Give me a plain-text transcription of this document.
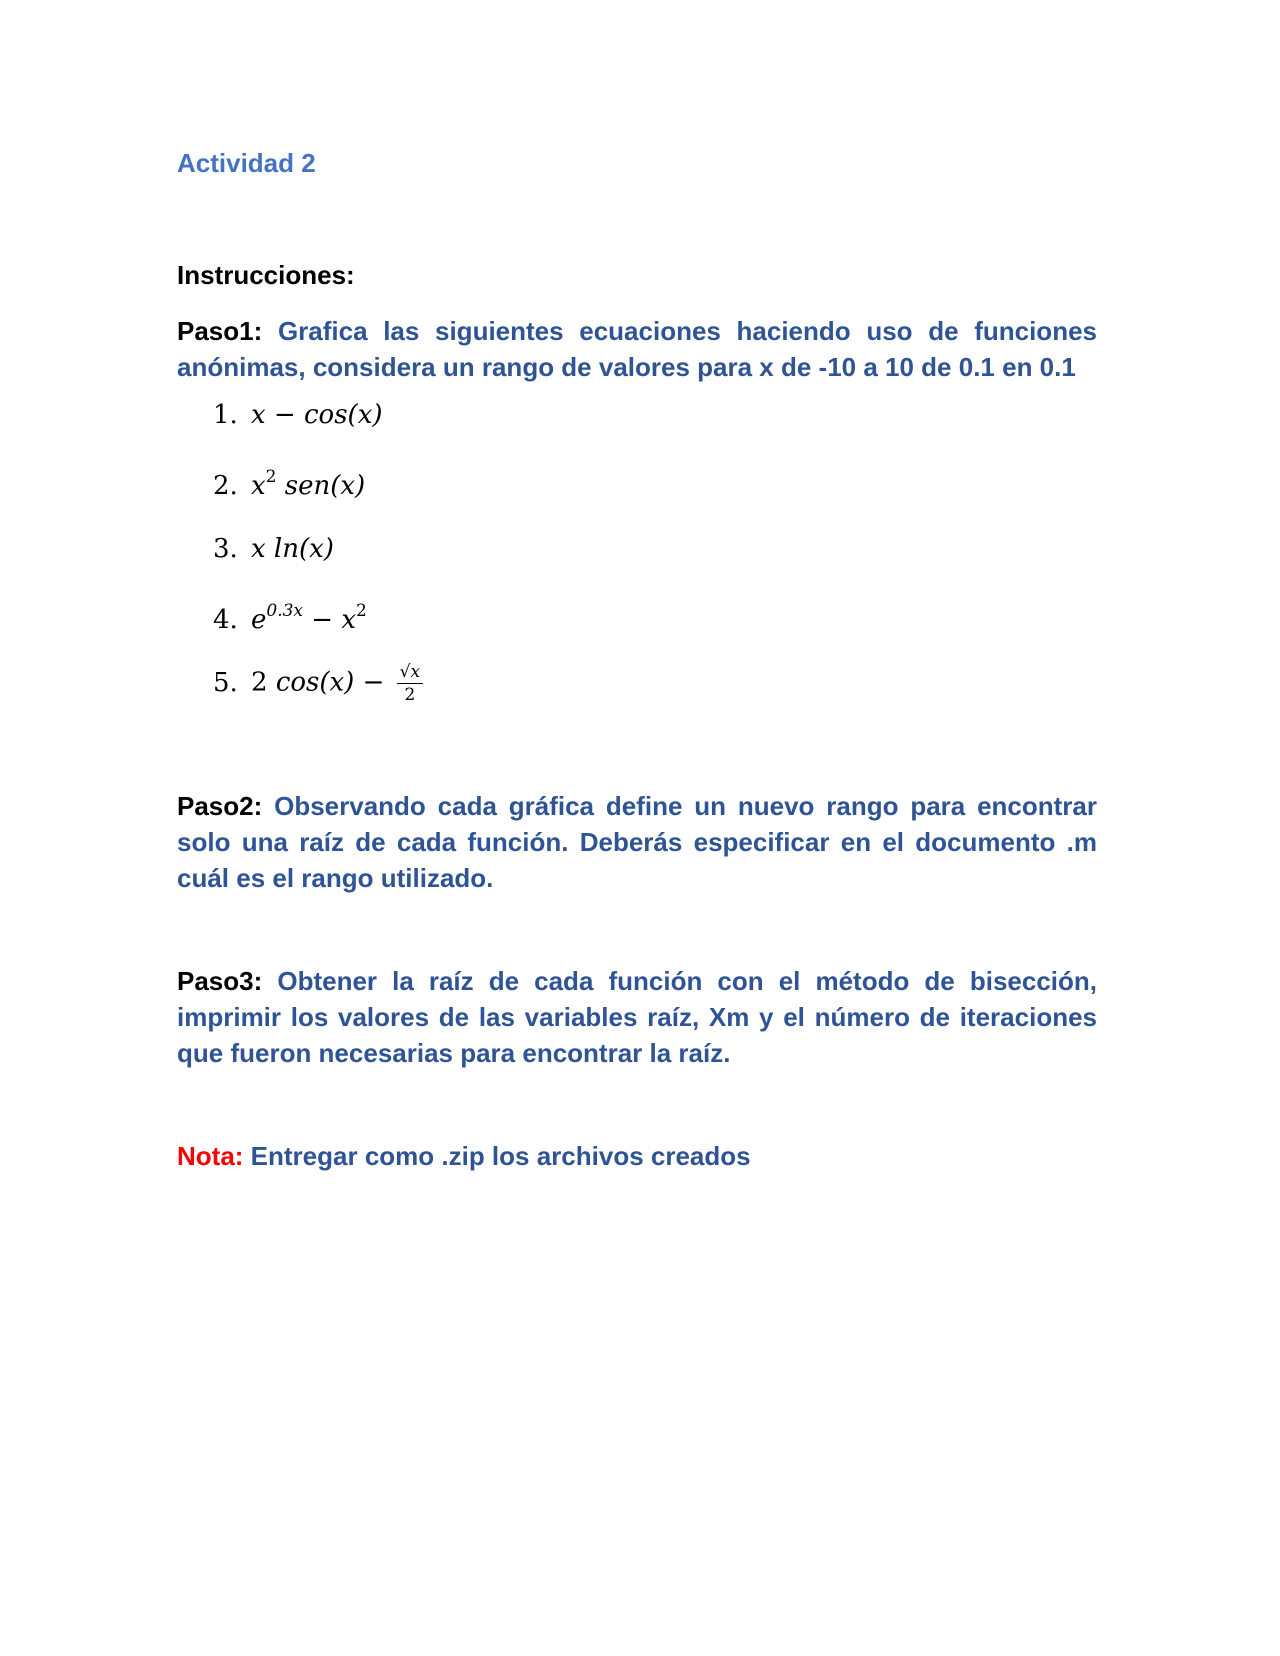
Actividad 2

Instrucciones:

Paso1: Grafica las siguientes ecuaciones haciendo uso de funciones anónimas, considera un rango de valores para x de -10 a 10 de 0.1 en 0.1

1. x − cos(x)
2. $x^2$ sen(x)
3. x ln(x)
4. $e^{0.3x} - x^2$
5. 2 $\cos(x) - \frac{√x}{2}$

Paso2: Observando cada gráfica define un nuevo rango para encontrar solo una raíz de cada función. Deberás especificar en el documento .m cuál es el rango utilizado.

Paso3: Obtener la raíz de cada función con el método de bisección, imprimir los valores de las variables raíz, Xm y el número de iteraciones que fueron necesarias para encontrar la raíz.

Nota: Entregar como .zip los archivos creados
